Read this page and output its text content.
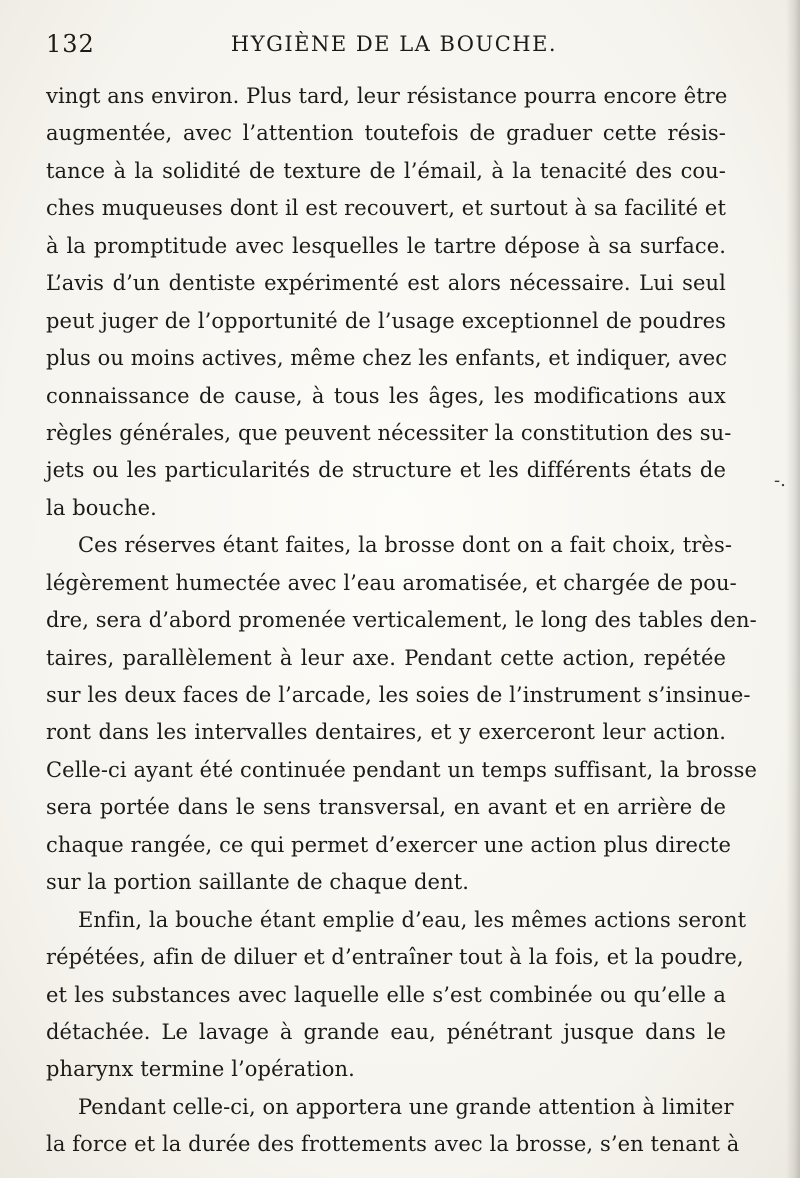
132	HYGIÈNE DE LA BOUCHE.
vingt ans environ. Plus tard, leur résistance pourra encore être
augmentée, avec l’attention toutefois de graduer cette résis-
tance à la solidité de texture de l’émail, à la tenacité des cou-
ches muqueuses dont il est recouvert, et surtout à sa facilité et
à la promptitude avec lesquelles le tartre dépose à sa surface.
L’avis d’un dentiste expérimenté est alors nécessaire. Lui seul
peut juger de l’opportunité de l’usage exceptionnel de poudres
plus ou moins actives, même chez les enfants, et indiquer, avec
connaissance de cause, à tous les âges, les modifications aux
règles générales, que peuvent nécessiter la constitution des su-
jets ou les particularités de structure et les différents états de
la bouche.
Ces réserves étant faites, la brosse dont on a fait choix, très-
légèrement humectée avec l’eau aromatisée, et chargée de pou-
dre, sera d’abord promenée verticalement, le long des tables den-
taires, parallèlement à leur axe. Pendant cette action, repétée
sur les deux faces de l’arcade, les soies de l’instrument s’insinue-
ront dans les intervalles dentaires, et y exerceront leur action.
Celle-ci ayant été continuée pendant un temps suffisant, la brosse
sera portée dans le sens transversal, en avant et en arrière de
chaque rangée, ce qui permet d’exercer une action plus directe
sur la portion saillante de chaque dent.
Enfin, la bouche étant emplie d’eau, les mêmes actions seront
répétées, afin de diluer et d’entraîner tout à la fois, et la poudre,
et les substances avec laquelle elle s’est combinée ou qu’elle a
détachée. Le lavage à grande eau, pénétrant jusque dans le
pharynx termine l’opération.
Pendant celle-ci, on apportera une grande attention à limiter
la force et la durée des frottements avec la brosse, s’en tenant à
-.
